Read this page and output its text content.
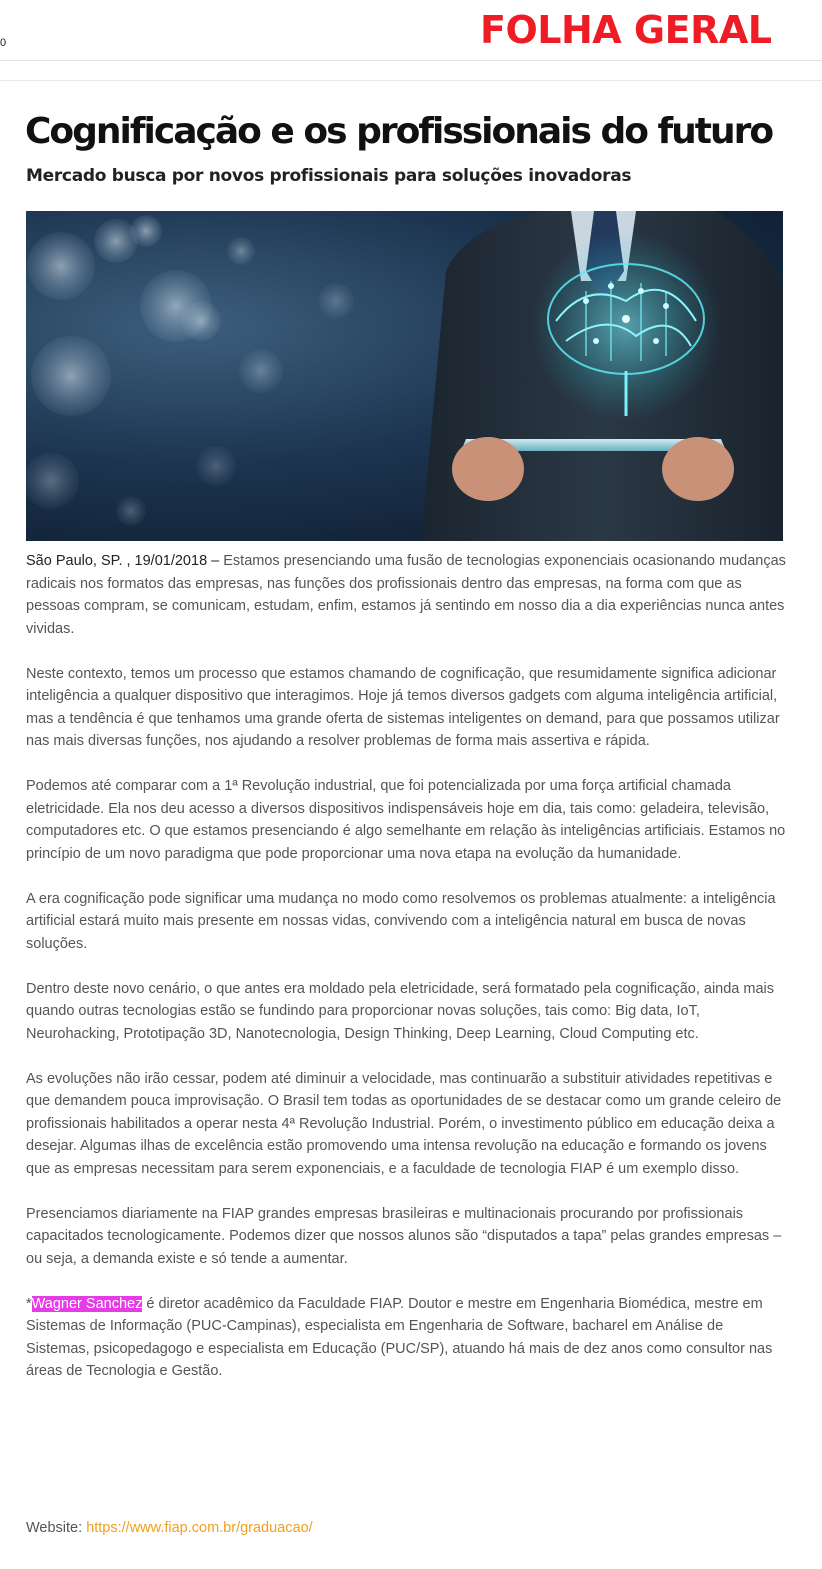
0	FOLHA GERAL
Cognificação e os profissionais do futuro
Mercado busca por novos profissionais para soluções inovadoras

São Paulo, SP. , 19/01/2018 – Estamos presenciando uma fusão de tecnologias exponenciais ocasionando mudanças radicais nos formatos das empresas, nas funções dos profissionais dentro das empresas, na forma com que as pessoas compram, se comunicam, estudam, enfim, estamos já sentindo em nosso dia a dia experiências nunca antes vividas.

Neste contexto, temos um processo que estamos chamando de cognificação, que resumidamente significa adicionar inteligência a qualquer dispositivo que interagimos. Hoje já temos diversos gadgets com alguma inteligência artificial, mas a tendência é que tenhamos uma grande oferta de sistemas inteligentes on demand, para que possamos utilizar nas mais diversas funções, nos ajudando a resolver problemas de forma mais assertiva e rápida.

Podemos até comparar com a 1ª Revolução industrial, que foi potencializada por uma força artificial chamada eletricidade. Ela nos deu acesso a diversos dispositivos indispensáveis hoje em dia, tais como: geladeira, televisão, computadores etc. O que estamos presenciando é algo semelhante em relação às inteligências artificiais. Estamos no princípio de um novo paradigma que pode proporcionar uma nova etapa na evolução da humanidade.

A era cognificação pode significar uma mudança no modo como resolvemos os problemas atualmente: a inteligência artificial estará muito mais presente em nossas vidas, convivendo com a inteligência natural em busca de novas soluções.

Dentro deste novo cenário, o que antes era moldado pela eletricidade, será formatado pela cognificação, ainda mais quando outras tecnologias estão se fundindo para proporcionar novas soluções, tais como: Big data, IoT, Neurohacking, Prototipação 3D, Nanotecnologia, Design Thinking, Deep Learning, Cloud Computing etc.

As evoluções não irão cessar, podem até diminuir a velocidade, mas continuarão a substituir atividades repetitivas e que demandem pouca improvisação. O Brasil tem todas as oportunidades de se destacar como um grande celeiro de profissionais habilitados a operar nesta 4ª Revolução Industrial. Porém, o investimento público em educação deixa a desejar. Algumas ilhas de excelência estão promovendo uma intensa revolução na educação e formando os jovens que as empresas necessitam para serem exponenciais, e a faculdade de tecnologia FIAP é um exemplo disso.

Presenciamos diariamente na FIAP grandes empresas brasileiras e multinacionais procurando por profissionais capacitados tecnologicamente. Podemos dizer que nossos alunos são “disputados a tapa” pelas grandes empresas – ou seja, a demanda existe e só tende a aumentar.

*Wagner Sanchez é diretor acadêmico da Faculdade FIAP. Doutor e mestre em Engenharia Biomédica, mestre em Sistemas de Informação (PUC-Campinas), especialista em Engenharia de Software, bacharel em Análise de Sistemas, psicopedagogo e especialista em Educação (PUC/SP), atuando há mais de dez anos como consultor nas áreas de Tecnologia e Gestão.

Website: https://www.fiap.com.br/graduacao/
